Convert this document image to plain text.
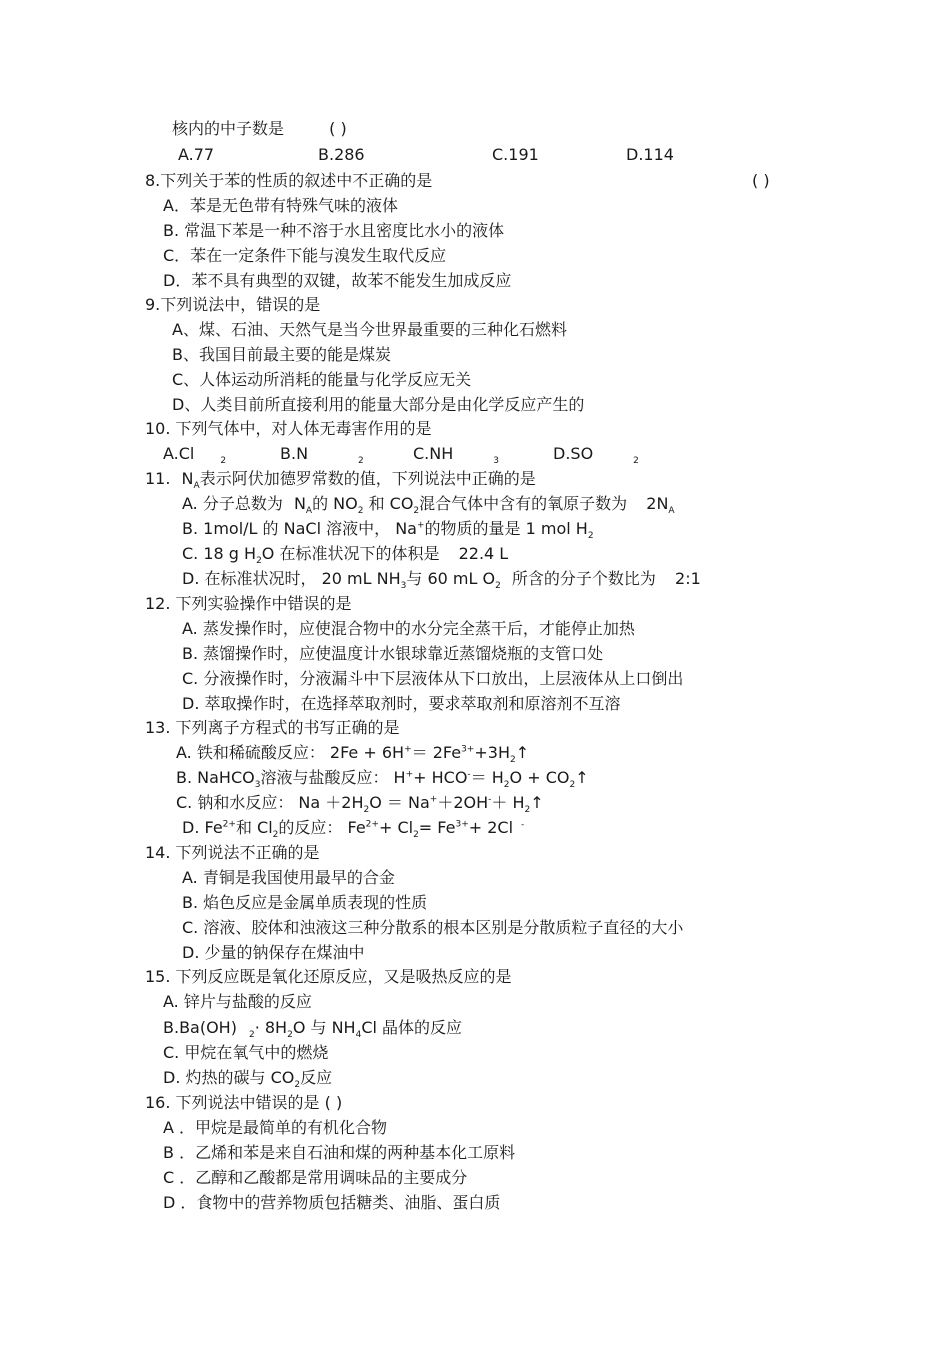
核内的中子数是	( )
A.77	B.286	C.191	D.114
8.下列关于苯的性质的叙述中不正确的是	( )
A．苯是无色带有特殊气味的液体
B. 常温下苯是一种不溶于水且密度比水小的液体
C．苯在一定条件下能与溴发生取代反应
D．苯不具有典型的双键，故苯不能发生加成反应
9.下列说法中，错误的是
A、煤、石油、天然气是当今世界最重要的三种化石燃料
B、我国目前最主要的能是煤炭
C、人体运动所消耗的能量与化学反应无关
D、人类目前所直接利用的能量大部分是由化学反应产生的
10. 下列气体中，对人体无毒害作用的是
A.Cl	$_2$	B.N	$_2$	C.NH	$_3$	D.SO	$_2$
11. $N_A$表示阿伏加德罗常数的值，下列说法中正确的是
A. 分子总数为 $N_A$的 $NO_2$ 和 $CO_2$混合气体中含有的氧原子数为 $2N_A$
B. 1mol/L 的 NaCl 溶液中， Na+的物质的量是 1 mol $H_2$
C. 18 g $H_2O$ 在标准状况下的体积是 22.4 L
D. 在标准状况时， 20 mL $NH_3$与 60 mL $O_2$ 所含的分子个数比为 2:1
12. 下列实验操作中错误的是
A. 蒸发操作时，应使混合物中的水分完全蒸干后，才能停止加热
B. 蒸馏操作时，应使温度计水银球靠近蒸馏烧瓶的支管口处
C. 分液操作时，分液漏斗中下层液体从下口放出，上层液体从上口倒出
D. 萃取操作时，在选择萃取剂时，要求萃取剂和原溶剂不互溶
13. 下列离子方程式的书写正确的是
A. 铁和稀硫酸反应： $2Fe + 6H^+= 2Fe^{3+}+3H_2↑$
B. NaHCO$_3$溶液与盐酸反应： $H^++ HCO^-= H_2O$ + $CO_2↑$
C. 钠和水反应： $Na +2H_2O = Na^++2OH^-+$ $H_2↑$
D. $Fe^{2+}$和 $Cl_2$的反应： $Fe^{2+}+ Cl_2= Fe^{3+}+ 2Cl$ -
14. 下列说法不正确的是
A. 青铜是我国使用最早的合金
B. 焰色反应是金属单质表现的性质
C. 溶液、胶体和浊液这三种分散系的根本区别是分散质粒子直径的大小
D. 少量的钠保存在煤油中
15. 下列反应既是氧化还原反应，又是吸热反应的是
A. 锌片与盐酸的反应
B.Ba(OH) $_2\cdot 8H_2O$ 与 $NH_4Cl$ 晶体的反应
C. 甲烷在氧气中的燃烧
D. 灼热的碳与 $CO_2$反应
16. 下列说法中错误的是 ( )
A ．甲烷是最简单的有机化合物
B ．乙烯和苯是来自石油和煤的两种基本化工原料
C ．乙醇和乙酸都是常用调味品的主要成分
D ．食物中的营养物质包括糖类、油脂、蛋白质
